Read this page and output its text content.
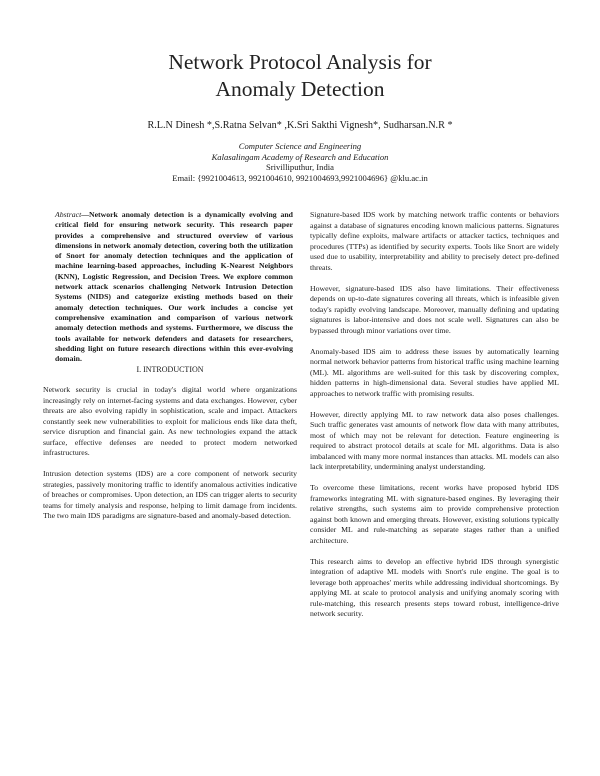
Network Protocol Analysis for
Anomaly Detection
R.L.N Dinesh *,S.Ratna Selvan* ,K.Sri Sakthi Vignesh*, Sudharsan.N.R *
Computer Science and Engineering
Kalasalingam Academy of Research and Education
Srivilliputhur, India
Email: {9921004613, 9921004610, 9921004693,9921004696} @klu.ac.in
Abstract—Network anomaly detection is a dynamically evolving and critical field for ensuring network security. This research paper provides a comprehensive and structured overview of various dimensions in network anomaly detection, covering both the utilization of Snort for anomaly detection techniques and the application of machine learning-based approaches, including K-Nearest Neighbors (KNN), Logistic Regression, and Decision Trees. We explore common network attack scenarios challenging Network Intrusion Detection Systems (NIDS) and categorize existing methods based on their anomaly detection techniques. Our work includes a concise yet comprehensive examination and comparison of various network anomaly detection methods and systems. Furthermore, we discuss the tools available for network defenders and datasets for researchers, shedding light on future research directions within this ever-evolving domain.
I. INTRODUCTION

Network security is crucial in today's digital world where organizations increasingly rely on internet-facing systems and data exchanges. However, cyber threats are also evolving rapidly in sophistication, scale and impact. Attackers constantly seek new vulnerabilities to exploit for malicious ends like data theft, service disruption and financial gain. As new technologies expand the attack surface, effective defenses are needed to protect modern networked infrastructures.

Intrusion detection systems (IDS) are a core component of network security strategies, passively monitoring traffic to identify anomalous activities indicative of breaches or compromises. Upon detection, an IDS can trigger alerts to security teams for timely analysis and response, helping to limit damage from incidents. The two main IDS paradigms are signature-based and anomaly-based detection.

Signature-based IDS work by matching network traffic contents or behaviors against a database of signatures encoding known malicious patterns. Signatures typically define exploits, malware artifacts or attacker tactics, techniques and procedures (TTPs) as identified by security experts. Tools like Snort are widely used due to usability, interpretability and ability to precisely detect pre-defined threats.

However, signature-based IDS also have limitations. Their effectiveness depends on up-to-date signatures covering all threats, which is infeasible given today's rapidly evolving landscape. Moreover, manually defining and updating signatures is labor-intensive and does not scale well. Signatures can also be bypassed through minor variations over time.

Anomaly-based IDS aim to address these issues by automatically learning normal network behavior patterns from historical traffic using machine learning (ML). ML algorithms are well-suited for this task by discovering complex, hidden patterns in high-dimensional data. Several studies have applied ML approaches to network traffic with promising results.

However, directly applying ML to raw network data also poses challenges. Such traffic generates vast amounts of network flow data with many attributes, most of which may not be relevant for detection. Feature engineering is required to abstract protocol details at scale for ML algorithms. Data is also imbalanced with many more normal instances than attacks. ML models can also lack interpretability, undermining analyst understanding.

To overcome these limitations, recent works have proposed hybrid IDS frameworks integrating ML with signature-based engines. By leveraging their relative strengths, such systems aim to provide comprehensive protection against both known and emerging threats. However, existing solutions typically consider ML and rule-matching as separate stages rather than a unified architecture.

This research aims to develop an effective hybrid IDS through synergistic integration of adaptive ML models with Snort's rule engine. The goal is to leverage both approaches' merits while addressing individual shortcomings. By applying ML at scale to protocol analysis and unifying anomaly scoring with rule-matching, this research presents steps toward robust, intelligence-drive network security.
